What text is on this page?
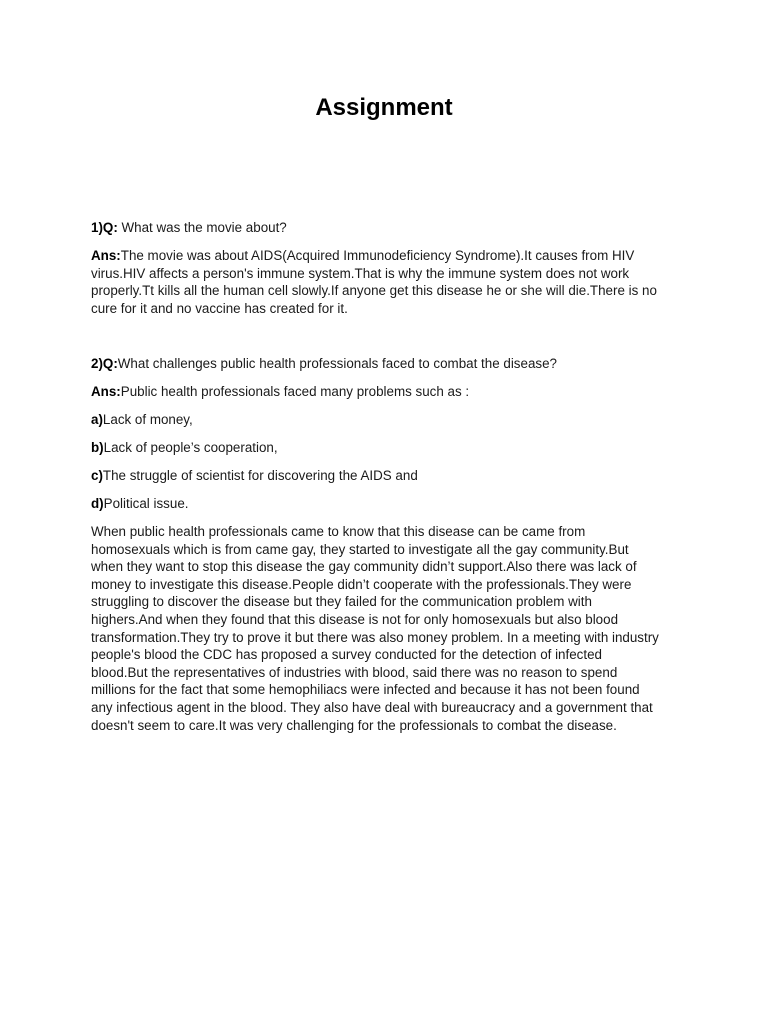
Assignment
1)Q: What was the movie about?

Ans:The movie was about AIDS(Acquired Immunodeficiency Syndrome).It causes from HIV

virus.HIV affects a person's immune system.That is why the immune system does not work

properly.Tt kills all the human cell slowly.If anyone get this disease he or she will die.There is no

cure for it and no vaccine has created for it.

2)Q:What challenges public health professionals faced to combat the disease?
Ans:Public health professionals faced many problems such as :
a)Lack of money,
b)Lack of people’s cooperation,
c)The struggle of scientist for discovering the AIDS and
d)Political issue.

When public health professionals came to know that this disease can be came from

homosexuals which is from came gay, they started to investigate all the gay community.But

when they want to stop this disease the gay community didn’t support.Also there was lack of

money to investigate this disease.People didn’t cooperate with the professionals.They were

struggling to discover the disease but they failed for the communication problem with

highers.And when they found that this disease is not for only homosexuals but also blood

transformation.They try to prove it but there was also money problem. In a meeting with industry

people's blood the CDC has proposed a survey conducted for the detection of infected

blood.But the representatives of industries with blood, said there was no reason to spend

millions for the fact that some hemophiliacs were infected and because it has not been found

any infectious agent in the blood. They also have deal with bureaucracy and a government that

doesn't seem to care.It was very challenging for the professionals to combat the disease.
